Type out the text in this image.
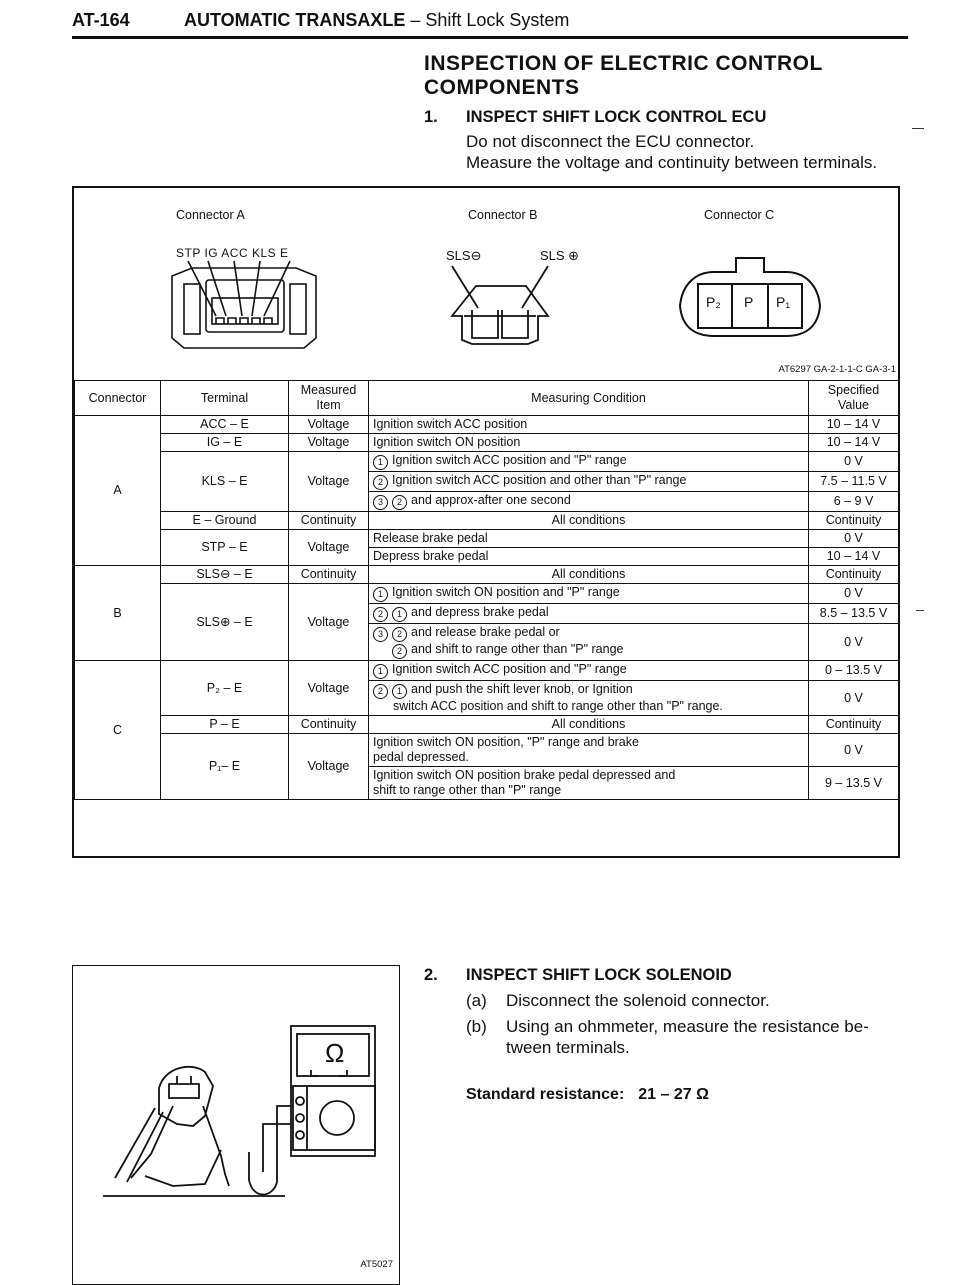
AT-164	AUTOMATIC TRANSAXLE – Shift Lock System
INSPECTION OF ELECTRIC CONTROL COMPONENTS
1. INSPECT SHIFT LOCK CONTROL ECU
Do not disconnect the ECU connector.
Measure the voltage and continuity between terminals.
Connector A	Connector B	Connector C
STP IG ACC KLS E	SLS⊖	SLS ⊕
P₂ P P₁
AT6297 GA-2-1-1-C GA-3-1
Connector	Terminal	Measured Item	Measuring Condition	Specified Value
A	ACC – E	Voltage	Ignition switch ACC position	10 – 14 V
	IG – E	Voltage	Ignition switch ON position	10 – 14 V
	KLS – E	Voltage	1 Ignition switch ACC position and "P" range	0 V
			2 Ignition switch ACC position and other than "P" range	7.5 – 11.5 V
			3 2 and approx-after one second	6 – 9 V
	E – Ground	Continuity	All conditions	Continuity
	STP – E	Voltage	Release brake pedal	0 V
			Depress brake pedal	10 – 14 V
B	SLS⊖ – E	Continuity	All conditions	Continuity
	SLS⊕ – E	Voltage	1 Ignition switch ON position and "P" range	0 V
			2 1 and depress brake pedal	8.5 – 13.5 V

			3 2 and release brake pedal or
2 and shift to range other than "P" range	0 V
C	P₂ – E	Voltage	1 Ignition switch ACC position and "P" range	0 – 13.5 V

			2 1 and push the shift lever knob, or Ignition
switch ACC position and shift to range other than "P" range.	0 V
	P – E	Continuity	All conditions	Continuity
	P₁– E	Voltage	Ignition switch ON position, "P" range and brake
pedal depressed.	0 V

			Ignition switch ON position brake pedal depressed and
shift to range other than "P" range	9 – 13.5 V
Ω
AT5027
2. INSPECT SHIFT LOCK SOLENOID
(a) Disconnect the solenoid connector.
(b) Using an ohmmeter, measure the resistance be-
tween terminals.
Standard resistance: 21 – 27 Ω
